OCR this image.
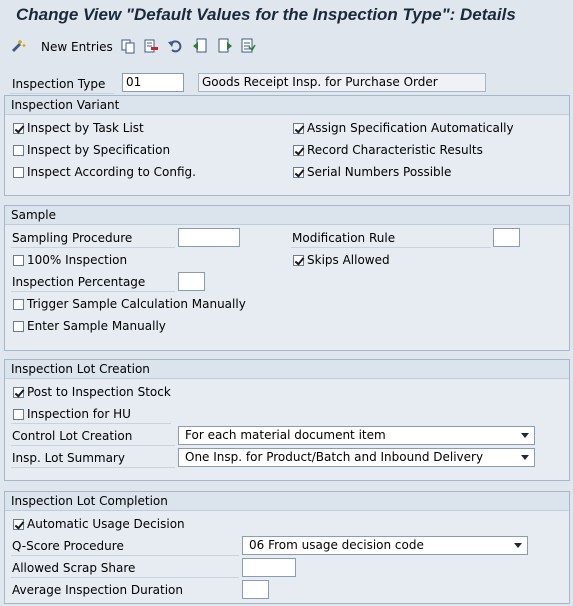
Change View "Default Values for the Inspection Type": Details
New Entries
Inspection Type	01	Goods Receipt Insp. for Purchase Order
Inspection Variant
Inspect by Task List
Inspect by Specification
Inspect According to Config.
Assign Specification Automatically
Record Characteristic Results
Serial Numbers Possible
Sample
Sampling Procedure	Modification Rule
100% Inspection	Skips Allowed
Inspection Percentage
Trigger Sample Calculation Manually
Enter Sample Manually
Inspection Lot Creation
Post to Inspection Stock
Inspection for HU
Control Lot Creation	For each material document item
Insp. Lot Summary	One Insp. for Product/Batch and Inbound Delivery
Inspection Lot Completion
Automatic Usage Decision
Q-Score Procedure	06 From usage decision code
Allowed Scrap Share
Average Inspection Duration
